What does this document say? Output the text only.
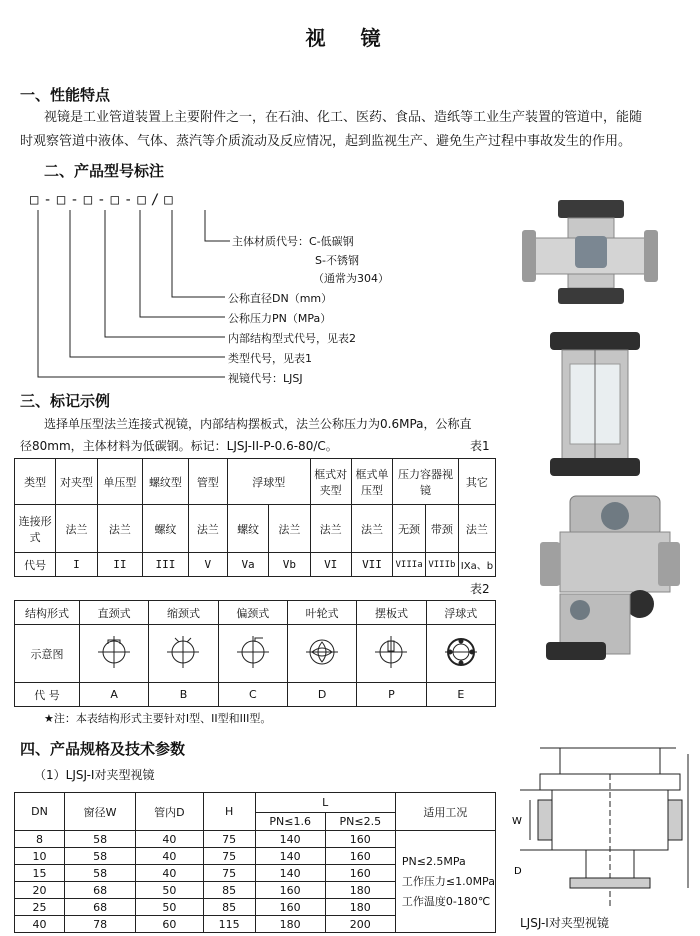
视 镜
一、性能特点
视镜是工业管道装置上主要附件之一，在石油、化工、医药、食品、造纸等工业生产装置的管道中，能随
时观察管道中液体、气体、蒸汽等介质流动及反应情况，起到监视生产、避免生产过程中事故发生的作用。
二、产品型号标注
□-□-□-□-□/□
主体材质代号：C-低碳钢
S-不锈钢
（通常为304）
公称直径DN（mm）
公称压力PN（MPa）
内部结构型式代号，见表2
类型代号，见表1
视镜代号：LJSJ
三、标记示例
选择单压型法兰连接式视镜，内部结构摆板式，法兰公称压力为0.6MPa，公称直
径80mm，主体材料为低碳钢。标记：LJSJ-II-P-0.6-80/C。	表1
类型	对夹型	单压型	螺纹型	管型	浮球型		框式对夹型	框式单压型	压力容器视镜		其它
连接形式	法兰	法兰	螺纹	法兰	螺纹	法兰	法兰	法兰	无颈	带颈	法兰
代号	I	II	III	V	Va	Vb	VI	VII	VIIIa	VIIIb	IXa、b
表2
结构形式	直颈式	缩颈式	偏颈式	叶轮式	摆板式	浮球式
示意图						
代 号	A	B	C	D	P	E
★注：本表结构形式主要针对I型、II型和III型。
四、产品规格及技术参数
（1）LJSJ-I对夹型视镜
DN	窗径W	管内D	H	L		适用工况
				PN≤1.6	PN≤2.5	
8	58	40	75	140	160	PN≤2.5MPa
工作压力≤1.0MPa
工作温度0-180℃

10	58	40	75	140	160	
15	58	40	75	140	160	
20	68	50	85	160	180	
25	68	50	85	160	180	
40	78	60	115	180	200	
W
D
LJSJ-I对夹型视镜
